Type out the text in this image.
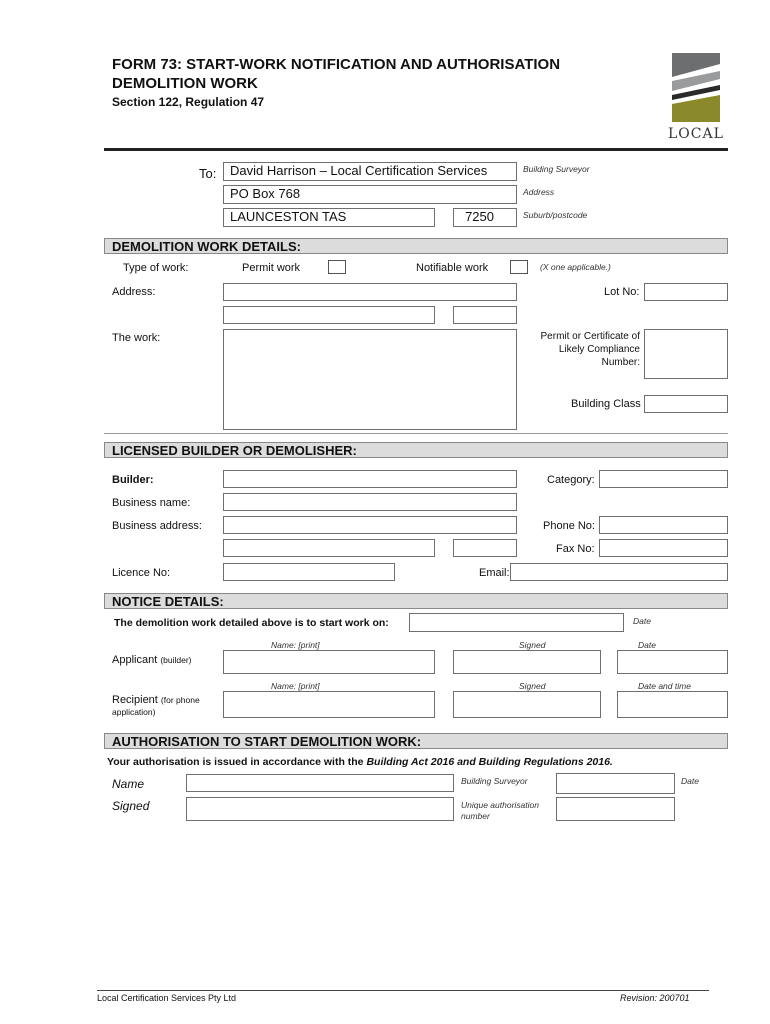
FORM 73: START-WORK NOTIFICATION AND AUTHORISATION
DEMOLITION WORK
Section 122, Regulation 47
LOCAL
To:	David Harrison – Local Certification Services	Building Surveyor
PO Box 768	Address
LAUNCESTON TAS	7250	Suburb/postcode
DEMOLITION WORK DETAILS:
Type of work:	Permit work	Notifiable work	(X one applicable.)
Address:	Lot No:
The work:	Permit or Certificate of
Likely Compliance
Number:
Building Class
LICENSED BUILDER OR DEMOLISHER:
Builder:	Category:
Business name:
Business address:	Phone No:
Fax No:
Licence No:	Email:
NOTICE DETAILS:
The demolition work detailed above is to start work on:	Date
Name: [print]	Signed	Date
Applicant (builder)
Name: [print]	Signed	Date and time
Recipient (for phone
application)
AUTHORISATION TO START DEMOLITION WORK:
Your authorisation is issued in accordance with the Building Act 2016 and Building Regulations 2016.
Name	Building Surveyor	Date
Signed	Unique authorisation
number
Local Certification Services Pty Ltd	Revision: 200701
